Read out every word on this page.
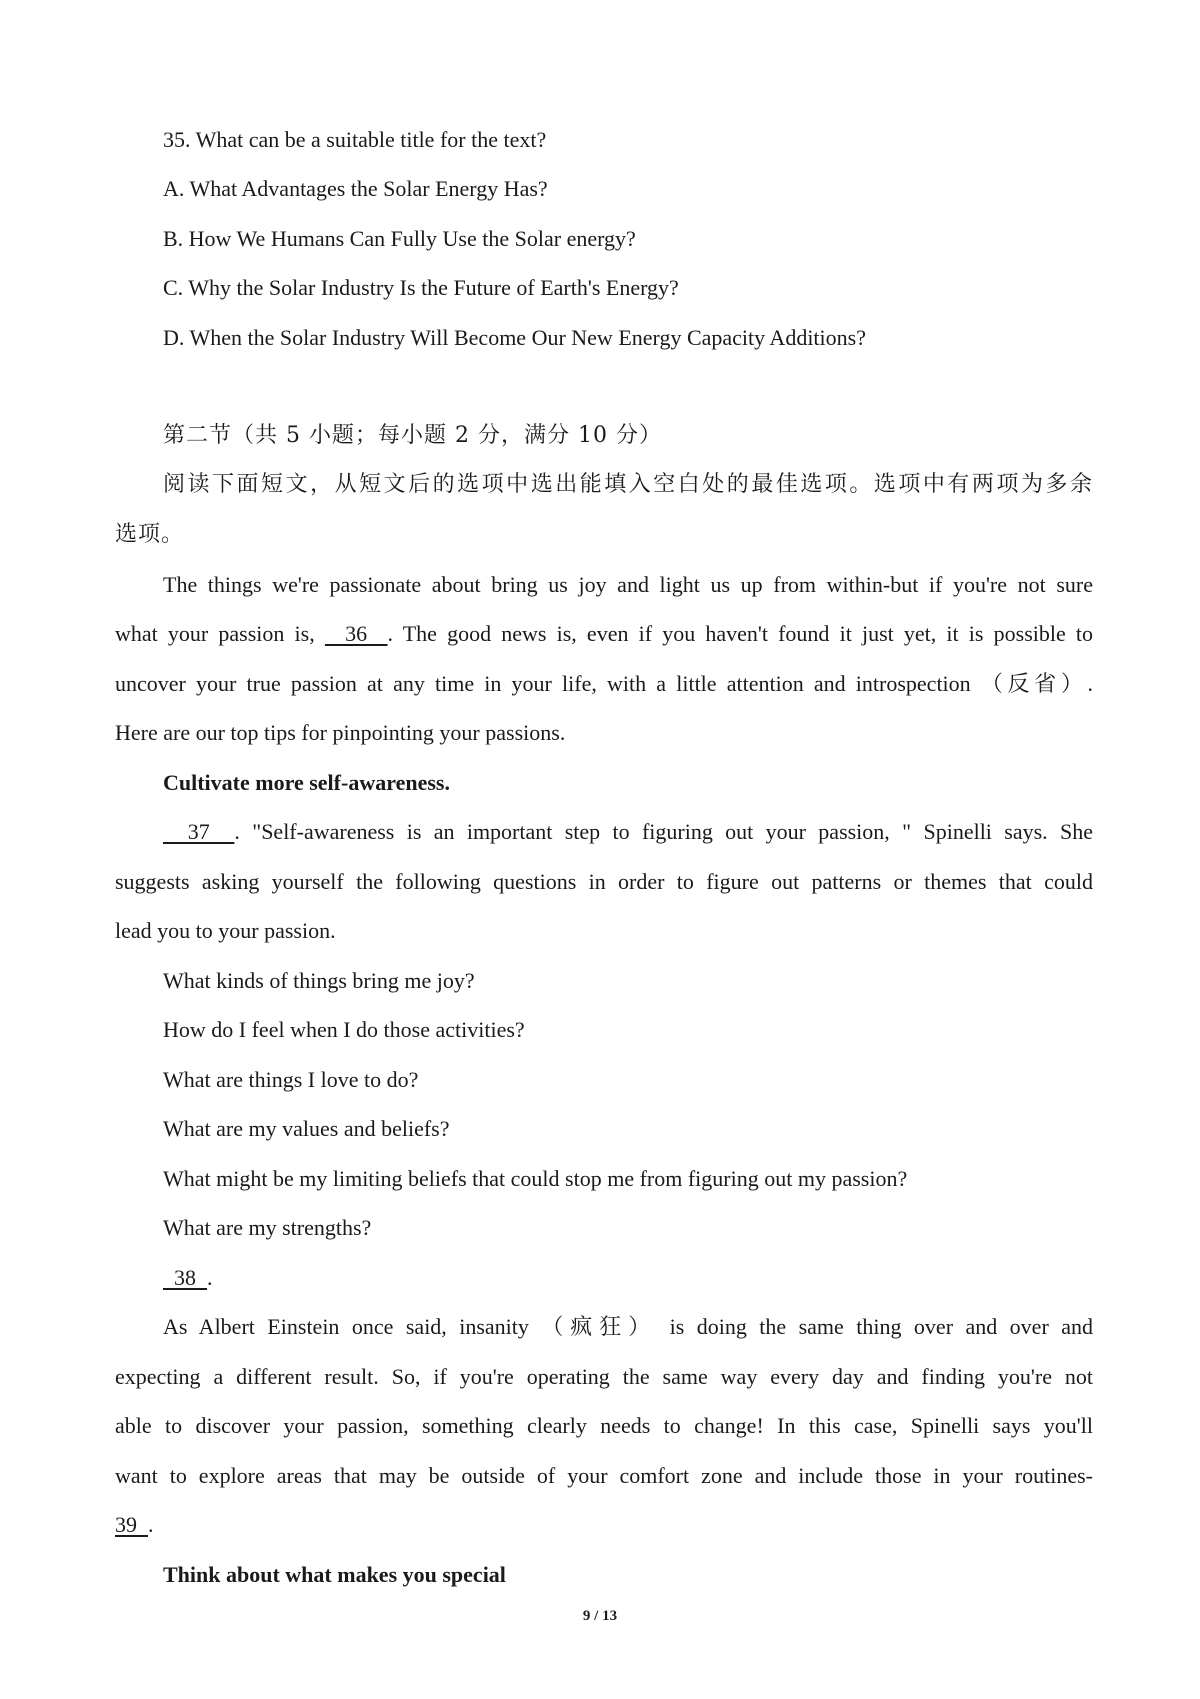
35. What can be a suitable title for the text?

A. What Advantages the Solar Energy Has?

B. How We Humans Can Fully Use the Solar energy?

C. Why the Solar Industry Is the Future of Earth's Energy?

D. When the Solar Industry Will Become Our New Energy Capacity Additions?

第二节（共 5 小题；每小题 2 分，满分 10 分）

阅读下面短文，从短文后的选项中选出能填入空白处的最佳选项。选项中有两项为多余

选项。

The things we're passionate about bring us joy and light us up from within-but if you're not sure

what your passion is,   36  . The good news is, even if you haven't found it just yet, it is possible to

uncover your true passion at any time in your life, with a little attention and introspection （反省）.

Here are our top tips for pinpointing your passions.

Cultivate more self-awareness.

37  . "Self-awareness is an important step to figuring out your passion, " Spinelli says. She

suggests asking yourself the following questions in order to figure out patterns or themes that could

lead you to your passion.

What kinds of things bring me joy?

How do I feel when I do those activities?

What are things I love to do?

What are my values and beliefs?

What might be my limiting beliefs that could stop me from figuring out my passion?

What are my strengths?

38  .

As Albert Einstein once said, insanity （疯狂） is doing the same thing over and over and

expecting a different result. So, if you're operating the same way every day and finding you're not

able to discover your passion, something clearly needs to change! In this case, Spinelli says you'll

want to explore areas that may be outside of your comfort zone and include those in your routines-

39  .

Think about what makes you special

9 / 13
